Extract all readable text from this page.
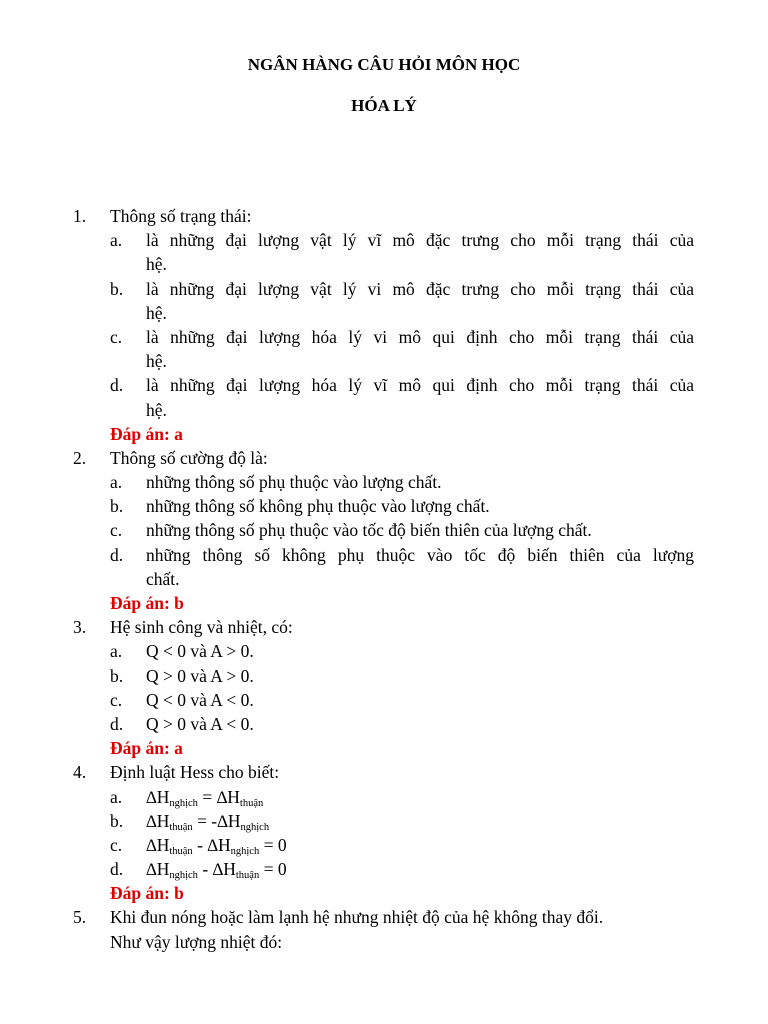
NGÂN HÀNG CÂU HỎI MÔN HỌC
HÓA LÝ
1. Thông số trạng thái:
a. là những đại lượng vật lý vĩ mô đặc trưng cho mỗi trạng thái của
hệ.
b. là những đại lượng vật lý vi mô đặc trưng cho mỗi trạng thái của
hệ.
c. là những đại lượng hóa lý vi mô qui định cho mỗi trạng thái của
hệ.
d. là những đại lượng hóa lý vĩ mô qui định cho mỗi trạng thái của
hệ.
Đáp án: a
2. Thông số cường độ là:
a. những thông số phụ thuộc vào lượng chất.
b. những thông số không phụ thuộc vào lượng chất.
c. những thông số phụ thuộc vào tốc độ biến thiên của lượng chất.
d. những thông số không phụ thuộc vào tốc độ biến thiên của lượng
chất.
Đáp án: b
3. Hệ sinh công và nhiệt, có:
a. Q < 0 và A > 0.
b. Q > 0 và A > 0.
c. Q < 0 và A < 0.
d. Q > 0 và A < 0.
Đáp án: a
4. Định luật Hess cho biết:
a. $\Delta H_{nghịch} = \Delta H_{thuận}$
b. $\Delta H_{thuận} = -\Delta H_{nghịch}$
c. $\Delta H_{thuận} - \Delta H_{nghịch} = 0$
d. $\Delta H_{nghịch} - \Delta H_{thuận} = 0$
Đáp án: b
5. Khi đun nóng hoặc làm lạnh hệ nhưng nhiệt độ của hệ không thay đổi.
Như vậy lượng nhiệt đó:
